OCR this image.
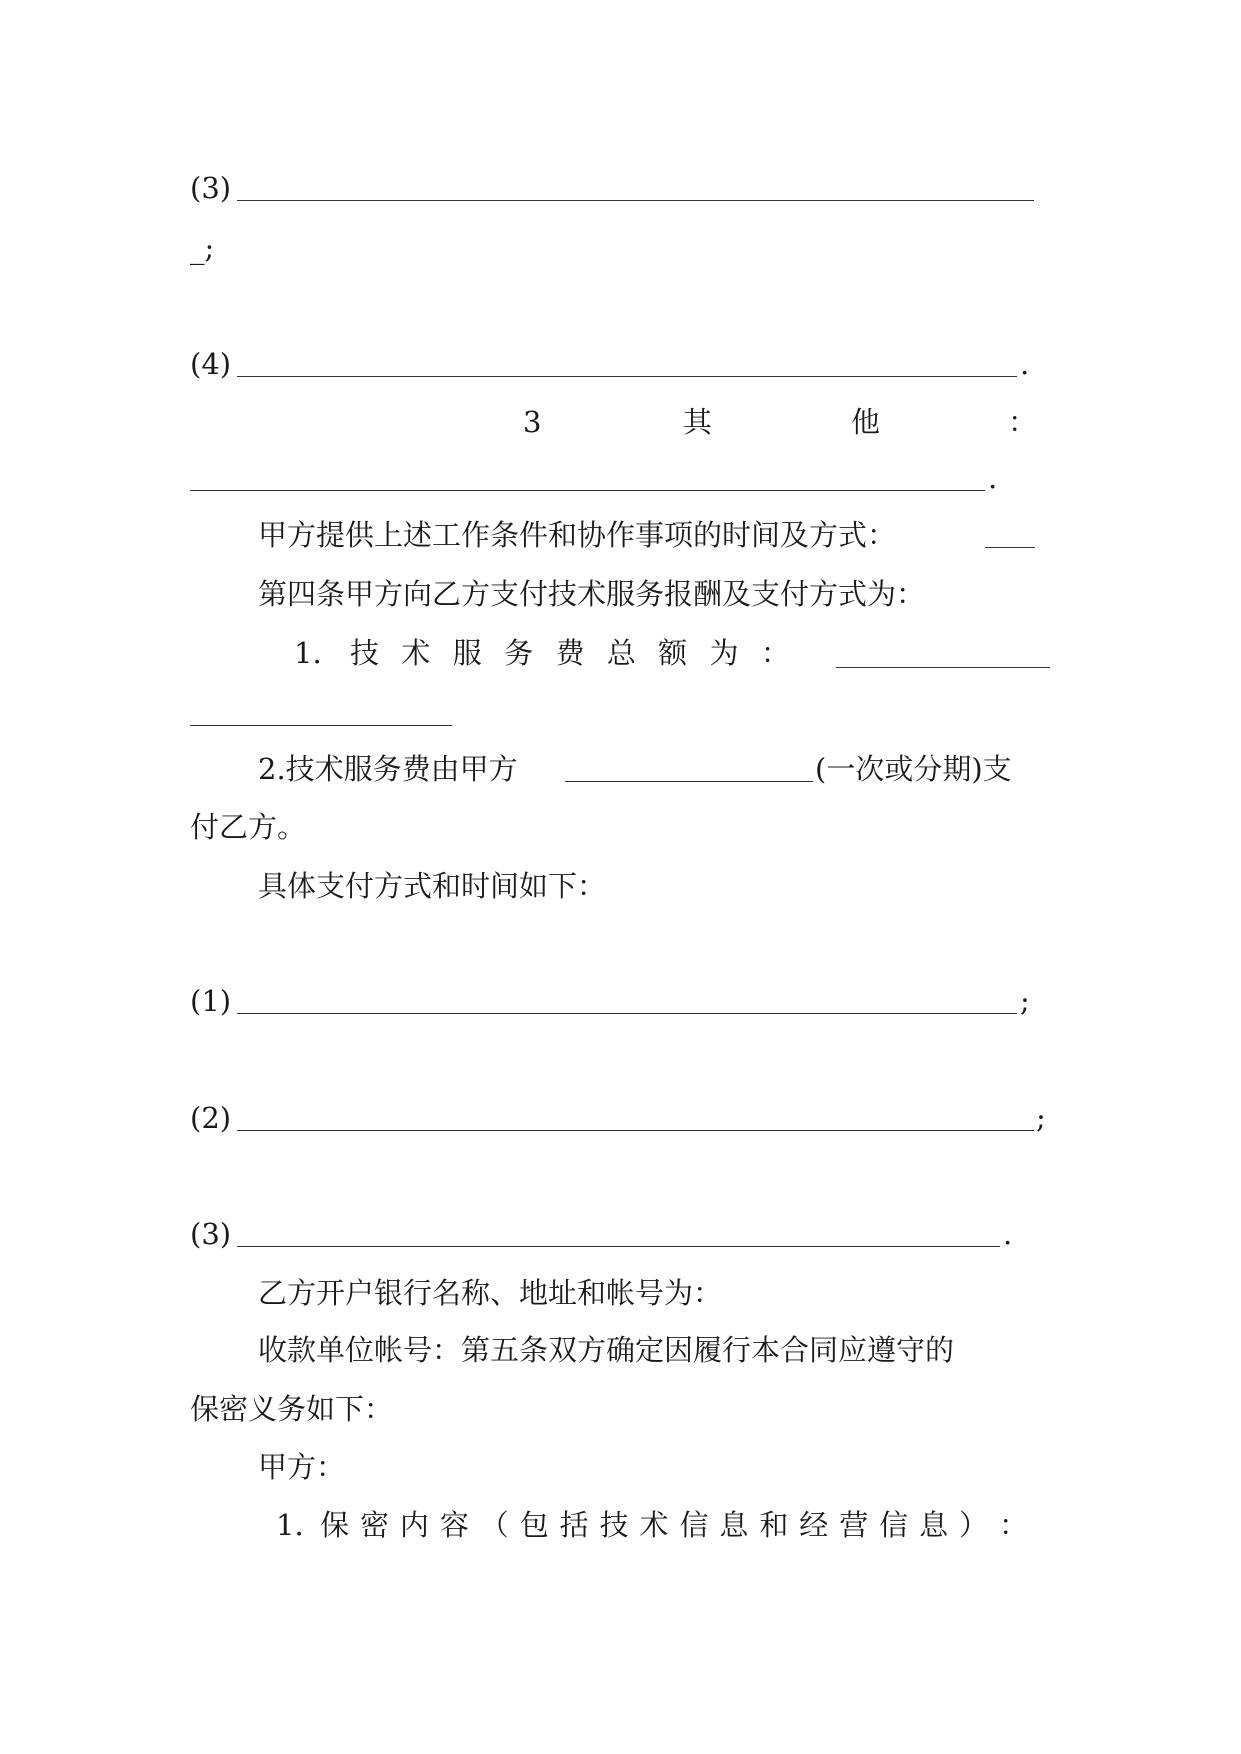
(3)
_;
(4)	.
3	其	他	：
.
甲方提供上述工作条件和协作事项的时间及方式：
第四条甲方向乙方支付技术服务报酬及支付方式为：
1. 技 术 服 务 费 总 额 为 ：
2.技术服务费由甲方	(一次或分期)支
付乙方。
具体支付方式和时间如下：
(1)	;
(2)	;
(3)	.
乙方开户银行名称、地址和帐号为：
收款单位帐号：第五条双方确定因履行本合同应遵守的
保密义务如下：
甲方：
1. 保 密 内 容 （ 包 括 技 术 信 息 和 经 营 信 息 ） ：
